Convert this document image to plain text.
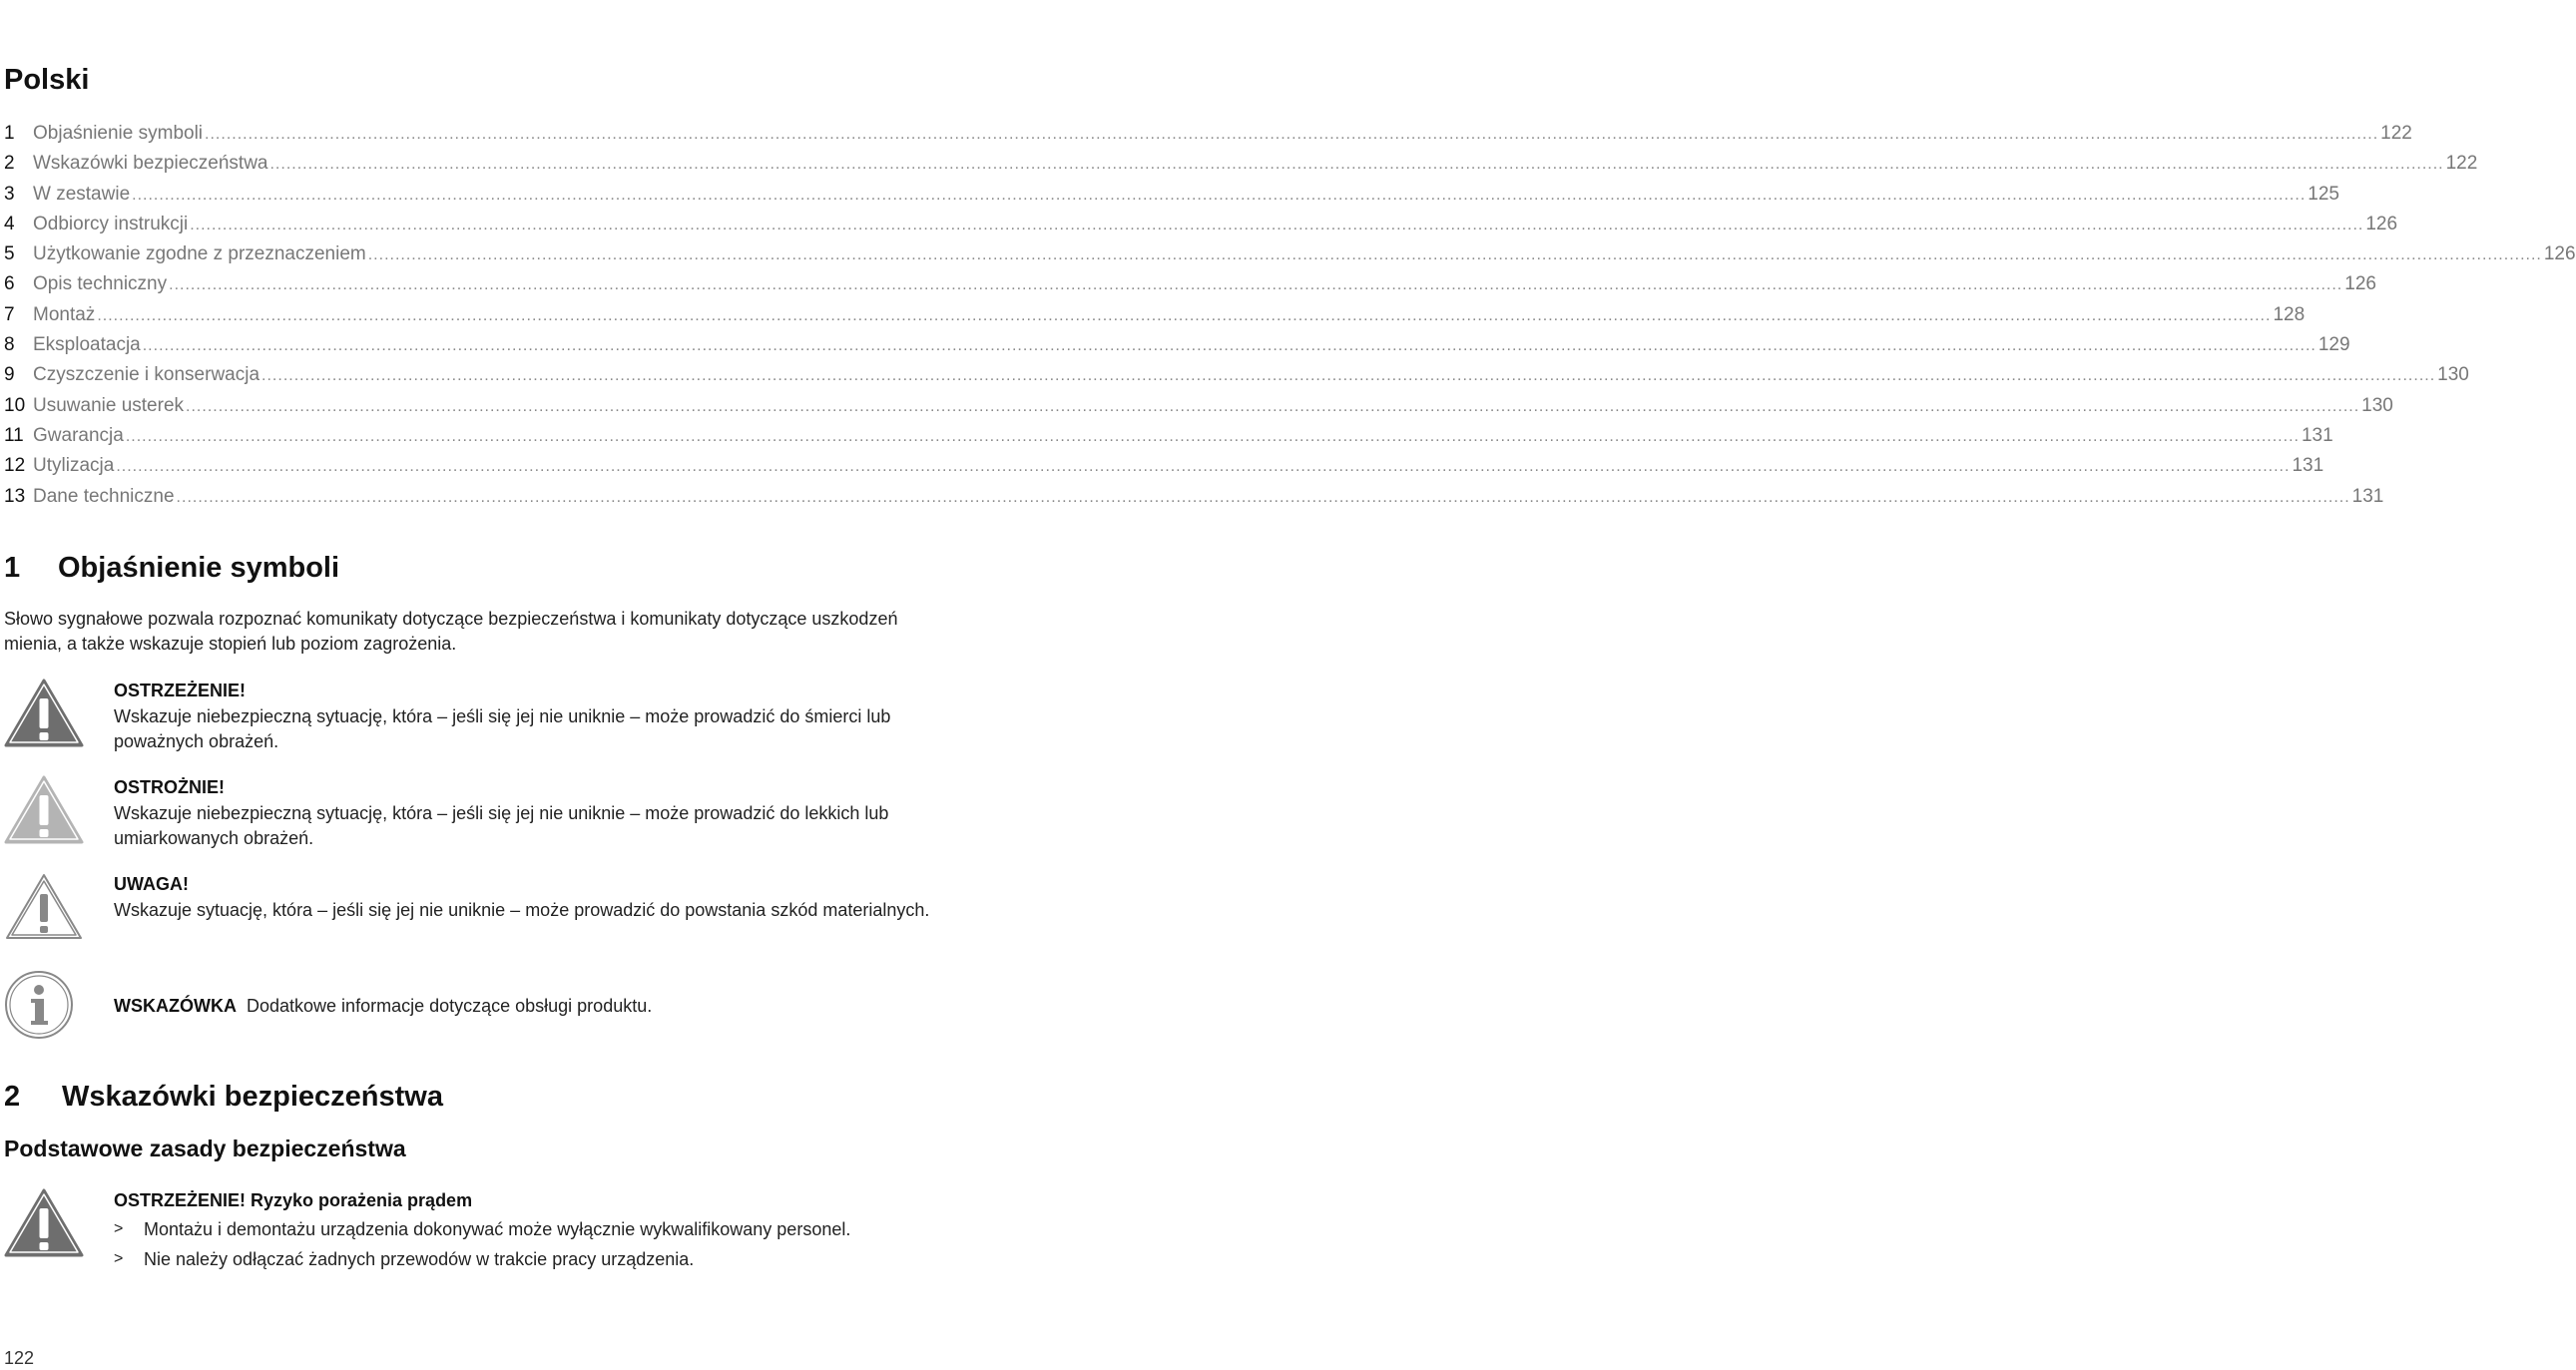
Polski
1 Objaśnienie symboli ................................................................................................................................................................................................................................................................................................................................................................................................................ 122
2 Wskazówki bezpieczeństwa ................................................................................................................................................................................................................................................................................................................................................................................................................ 122
3 W zestawie ................................................................................................................................................................................................................................................................................................................................................................................................................ 125
4 Odbiorcy instrukcji ................................................................................................................................................................................................................................................................................................................................................................................................................ 126
5 Użytkowanie zgodne z przeznaczeniem ................................................................................................................................................................................................................................................................................................................................................................................................................ 126
6 Opis techniczny ................................................................................................................................................................................................................................................................................................................................................................................................................ 126
7 Montaż ................................................................................................................................................................................................................................................................................................................................................................................................................ 128
8 Eksploatacja ................................................................................................................................................................................................................................................................................................................................................................................................................ 129
9 Czyszczenie i konserwacja ................................................................................................................................................................................................................................................................................................................................................................................................................ 130
10 Usuwanie usterek ................................................................................................................................................................................................................................................................................................................................................................................................................ 130
11 Gwarancja ................................................................................................................................................................................................................................................................................................................................................................................................................ 131
12 Utylizacja ................................................................................................................................................................................................................................................................................................................................................................................................................ 131
13 Dane techniczne ................................................................................................................................................................................................................................................................................................................................................................................................................ 131
1 Objaśnienie symboli

Słowo sygnałowe pozwala rozpoznać komunikaty dotyczące bezpieczeństwa i komunikaty dotyczące uszkodzeń mienia, a także wskazuje stopień lub poziom zagrożenia.

OSTRZEŻENIE!
Wskazuje niebezpieczną sytuację, która – jeśli się jej nie uniknie – może prowadzić do śmierci lub poważnych obrażeń.
OSTROŻNIE!
Wskazuje niebezpieczną sytuację, która – jeśli się jej nie uniknie – może prowadzić do lekkich lub umiarkowanych obrażeń.
UWAGA!
Wskazuje sytuację, która – jeśli się jej nie uniknie – może prowadzić do powstania szkód materialnych.
WSKAZÓWKA Dodatkowe informacje dotyczące obsługi produktu.
2 Wskazówki bezpieczeństwa
Podstawowe zasady bezpieczeństwa
OSTRZEŻENIE! Ryzyko porażenia prądem
> Montażu i demontażu urządzenia dokonywać może wyłącznie wykwalifikowany personel.
> Nie należy odłączać żadnych przewodów w trakcie pracy urządzenia.
122
